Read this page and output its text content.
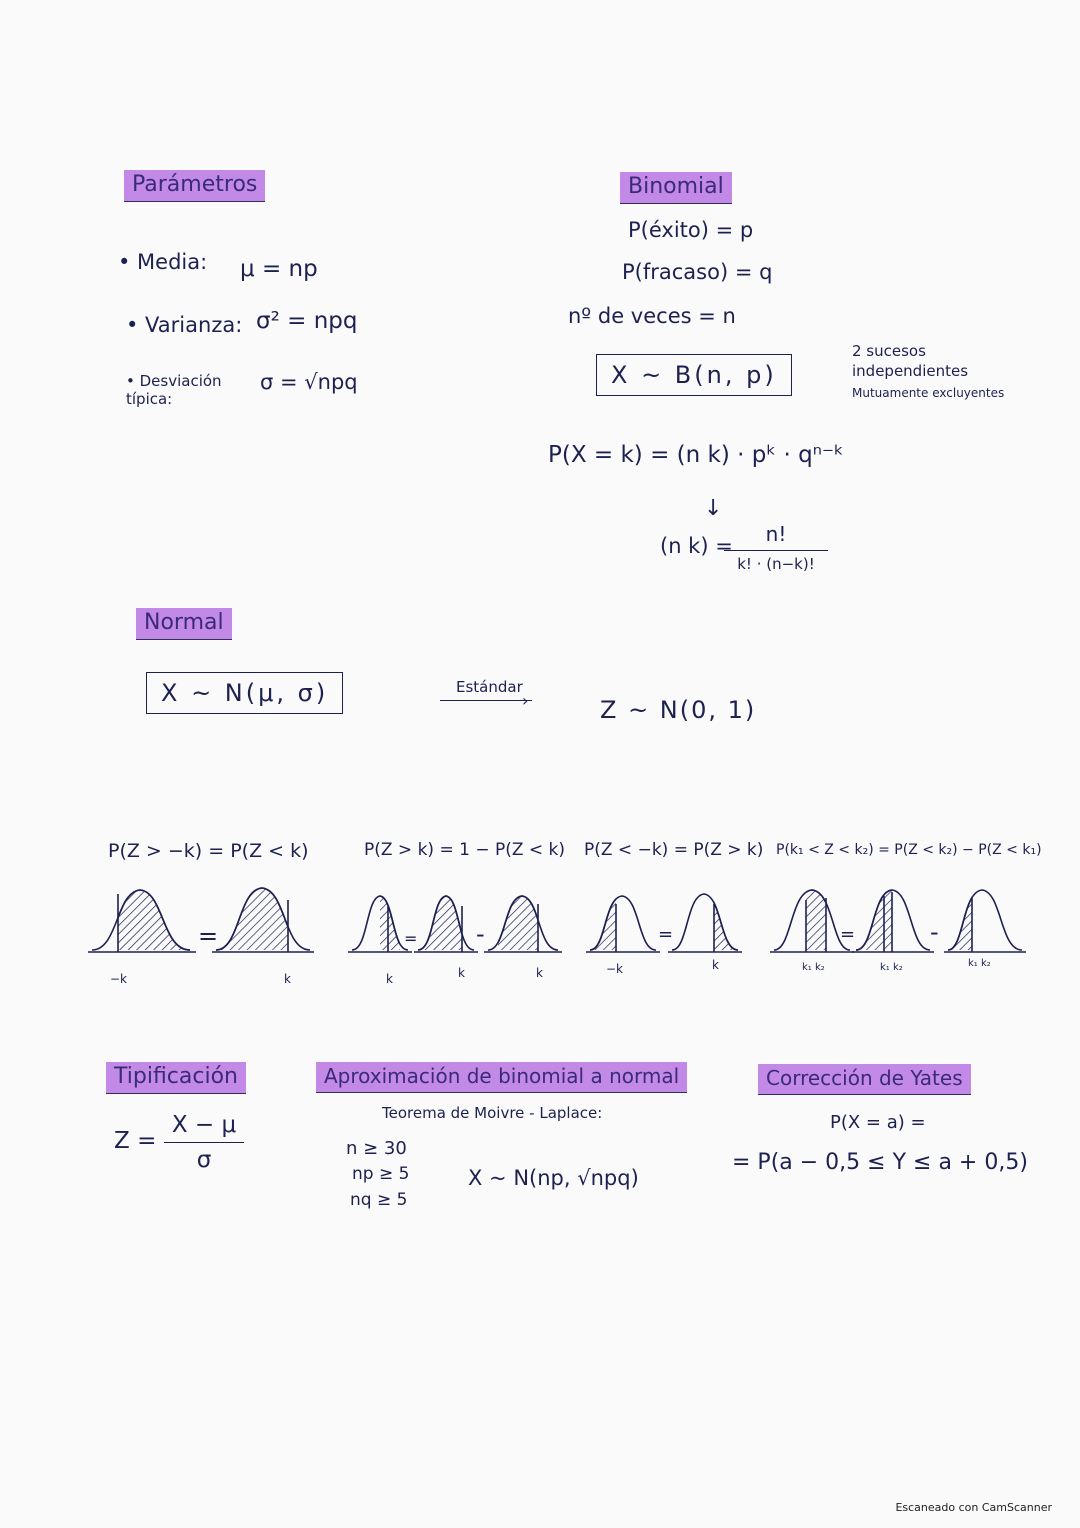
Parámetros
• Media: μ = np
• Varianza: σ² = npq
• Desviación típica:
σ = √npq
Binomial
P(éxito) = p
P(fracaso) = q
nº de veces = n
X ~ B(n, p)
2 sucesos
independientes
Mutuamente excluyentes
P(X = k) = (n k) · pᵏ · qⁿ⁻ᵏ
↓
(n k) =	n!
k! · (n−k)!
Normal
X ~ N(μ, σ)	Estándar
›	Z ~ N(0, 1)
P(Z > −k) = P(Z < k)	P(Z > k) = 1 − P(Z < k) P(Z < −k) = P(Z > k) P(k₁ < Z < k₂) = P(Z < k₂) − P(Z < k₁)
=	= -	=	=	-
−k	k	k	k	k	−k	k	k₁ k₂	k₁ k₂	k₁ k₂
Tipificación
Z =
X − μ
σ
Aproximación de binomial a normal
Teorema de Moivre - Laplace:
n ≥ 30
np ≥ 5
nq ≥ 5
X ~ N(np, √npq)
Corrección de Yates
P(X = a) =
= P(a − 0,5 ≤ Y ≤ a + 0,5)
Escaneado con CamScanner
